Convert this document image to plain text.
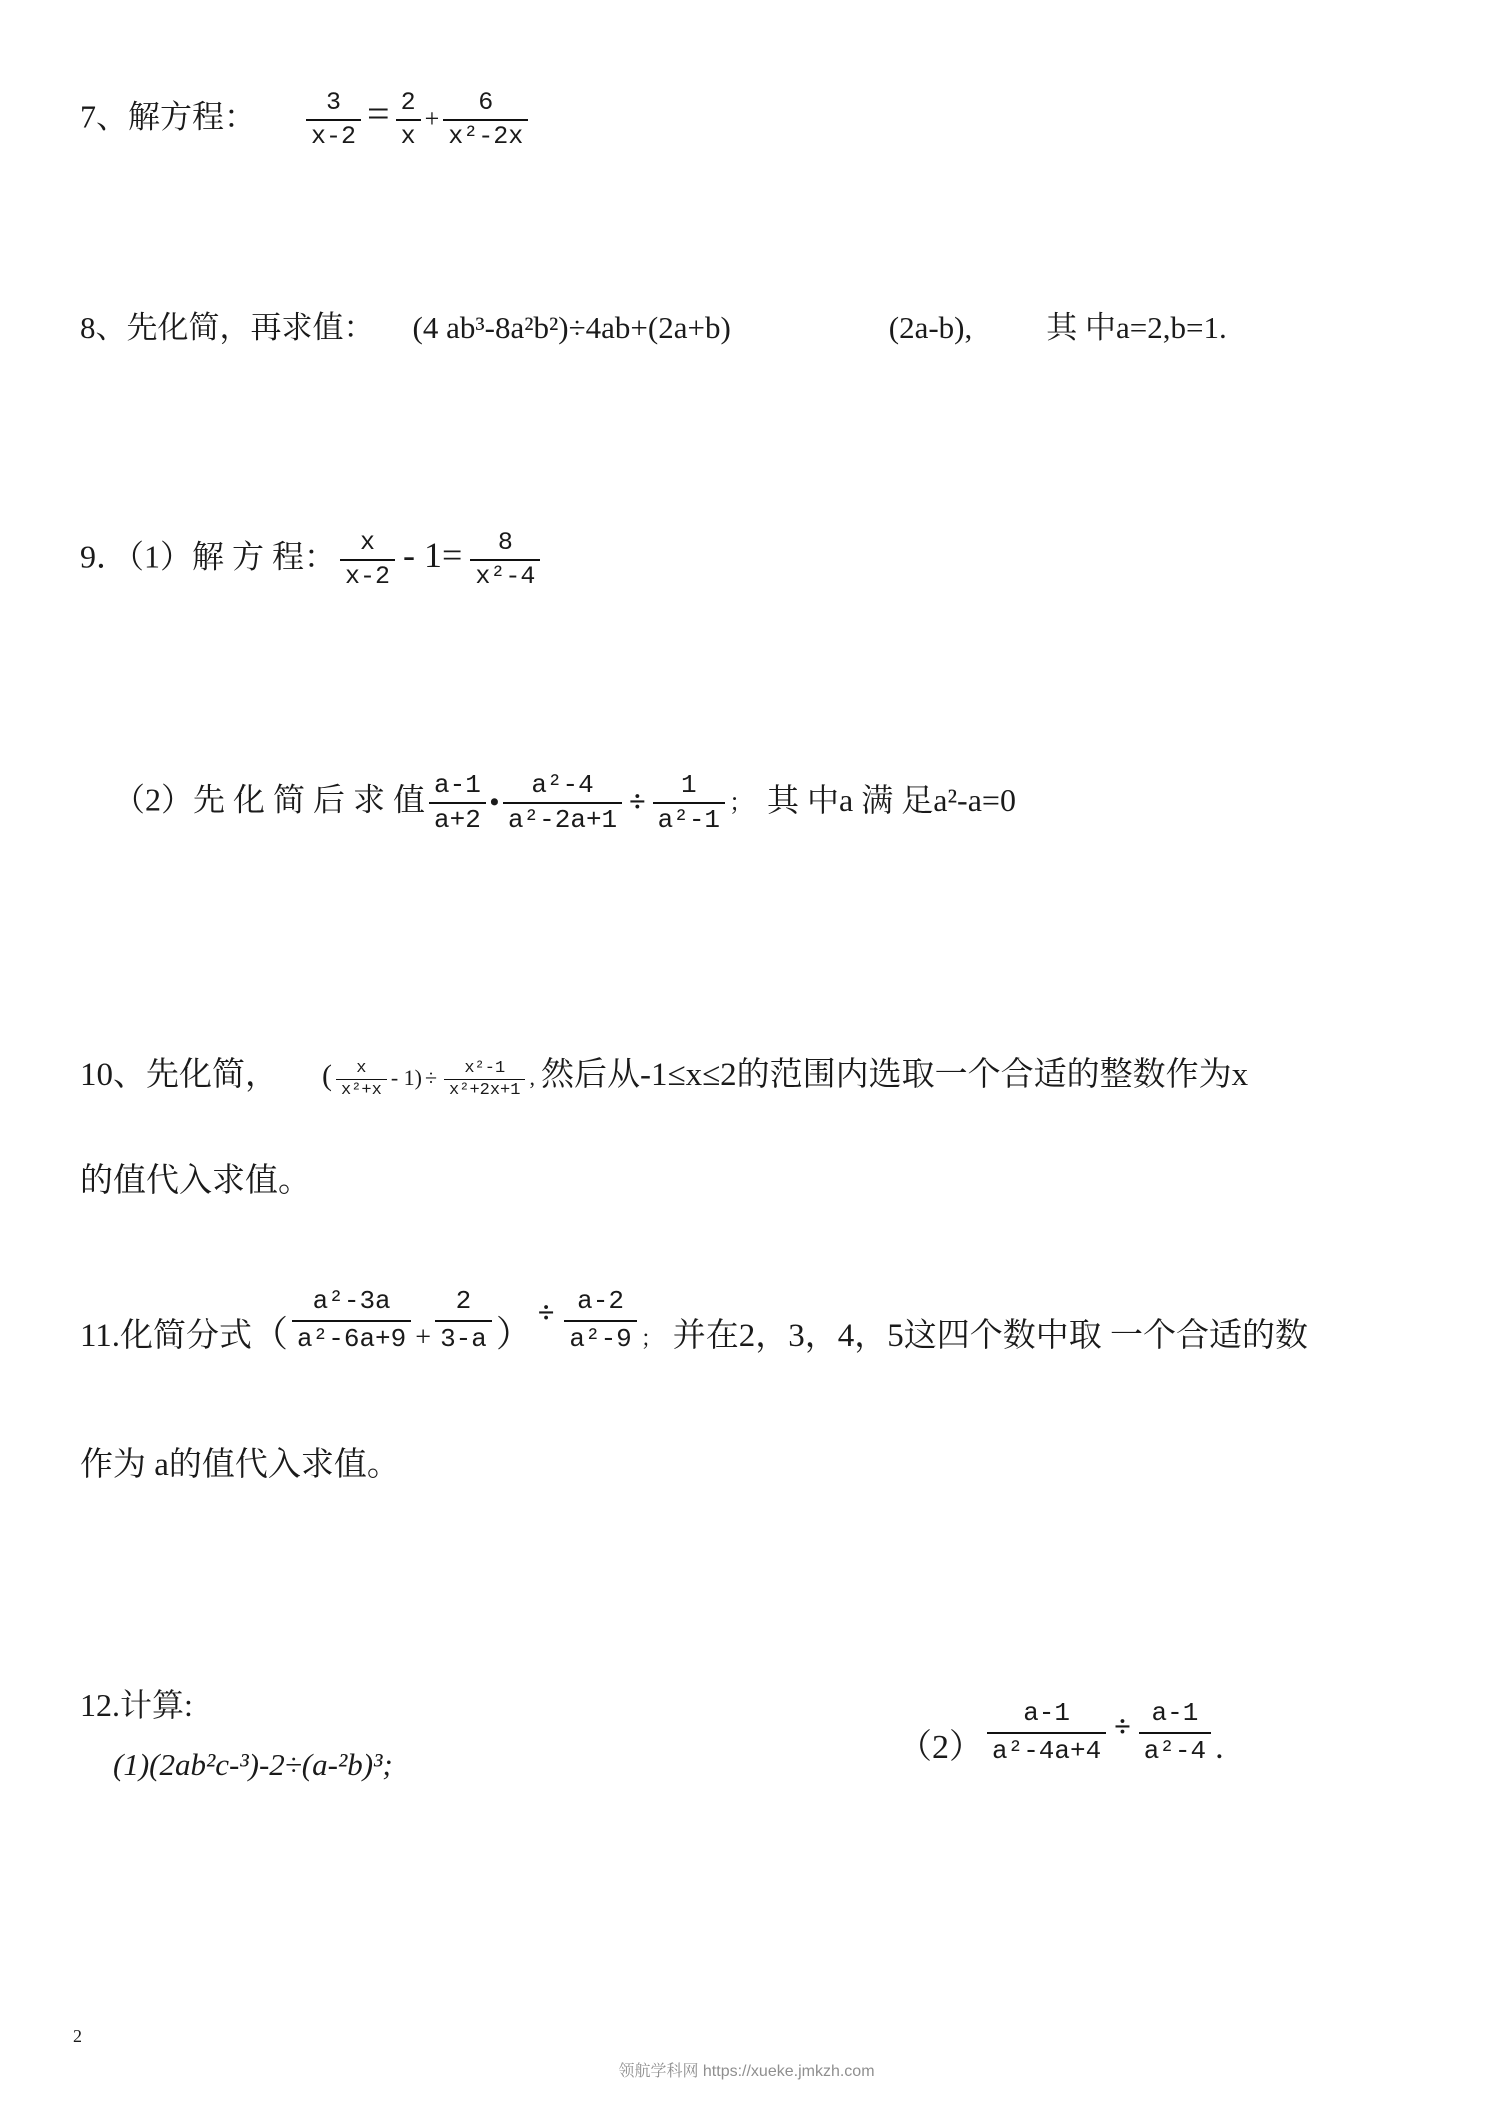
7、解方程： $\frac{3}{x-2} = \frac{2}{x} + \frac{6}{\text{x²-2x}}$
8、先化简，再求值： (4 ab³-8a²b²)÷4ab+(2a+b)	(2a-b), 其 中a=2,b=1.
9．（1）解 方 程： $\frac{x}{x-2} - 1= \frac{8}{\text{x²-4}}$
（2）先 化 简 后 求 值 $\frac{a-1}{a+2}$ • $\frac{\text{a²-4}}{\text{a²-2a+1}} \div \frac{1}{\text{a²-1}}$ ； 其 中a 满 足a²-a=0
10、先化简， ( $\frac{x}{\text{x²+x}} - 1) \div \frac{\text{x²-1}}{\text{x²+2x+1}}$ , 然后从-1≤x≤2的范围内选取一个合适的整数作为x
的值代入求值。
11.化简分式（ $\frac{\text{a²-3a}}{\text{a²-6a+9}} + \frac{2}{3-a}$ ）÷ $\frac{a-2}{\text{a²-9}}$ ； 并在2，3，4，5这四个数中取 一个合适的数
作为 a的值代入求值。
12.计算:
(1)(2ab²c-³)-2÷(a-²b)³;	$(2) \frac{a-1}{\text{a²-4a+4}} \div \frac{a-1}{\text{a²-4}}$ .
2
领航学科网 https://xueke.jmkzh.com
